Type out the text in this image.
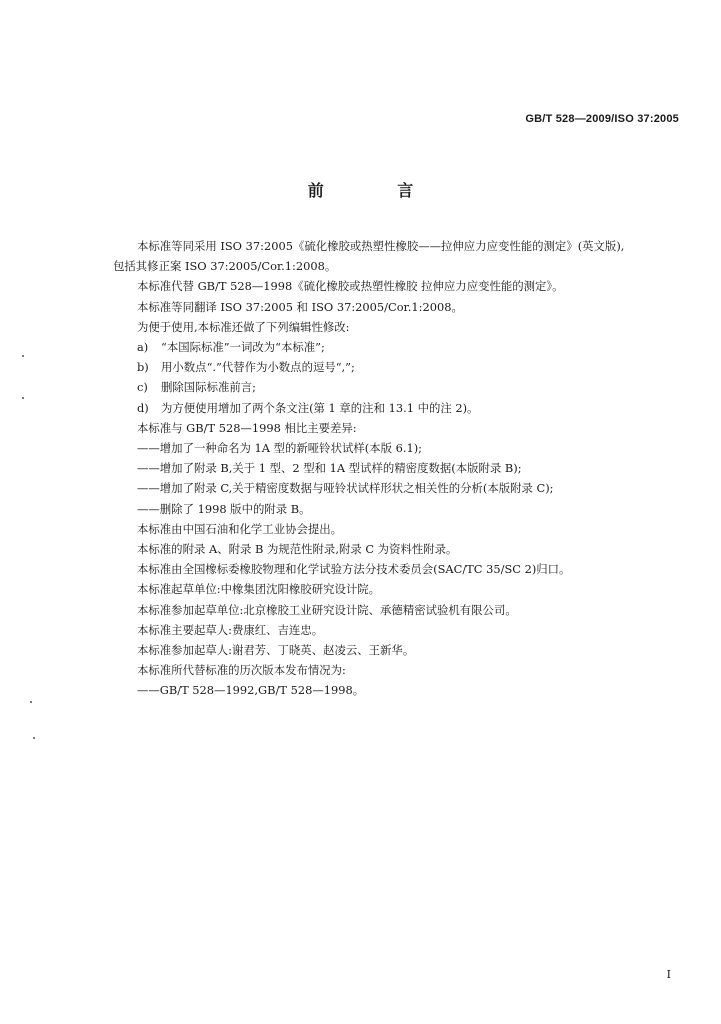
GB/T 528—2009/ISO 37:2005
前 言

本标准等同采用 ISO 37:2005《硫化橡胶或热塑性橡胶——拉伸应力应变性能的测定》(英文版),

包括其修正案 ISO 37:2005/Cor.1:2008。

本标准代替 GB/T 528—1998《硫化橡胶或热塑性橡胶 拉伸应力应变性能的测定》。

本标准等同翻译 ISO 37:2005 和 ISO 37:2005/Cor.1:2008。

为便于使用,本标准还做了下列编辑性修改:

a) “本国际标准”一词改为“本标准”;

b) 用小数点“.”代替作为小数点的逗号“,”;

c) 删除国际标准前言;

d) 为方便使用增加了两个条文注(第 1 章的注和 13.1 中的注 2)。

本标准与 GB/T 528—1998 相比主要差异:

——增加了一种命名为 1A 型的新哑铃状试样(本版 6.1);

——增加了附录 B,关于 1 型、2 型和 1A 型试样的精密度数据(本版附录 B);

——增加了附录 C,关于精密度数据与哑铃状试样形状之相关性的分析(本版附录 C);

——删除了 1998 版中的附录 B。

本标准由中国石油和化学工业协会提出。

本标准的附录 A、附录 B 为规范性附录,附录 C 为资料性附录。

本标准由全国橡标委橡胶物理和化学试验方法分技术委员会(SAC/TC 35/SC 2)归口。

本标准起草单位:中橡集团沈阳橡胶研究设计院。

本标准参加起草单位:北京橡胶工业研究设计院、承德精密试验机有限公司。

本标准主要起草人:费康红、吉连忠。

本标准参加起草人:谢君芳、丁晓英、赵凌云、王新华。

本标准所代替标准的历次版本发布情况为:

——GB/T 528—1992,GB/T 528—1998。

I
